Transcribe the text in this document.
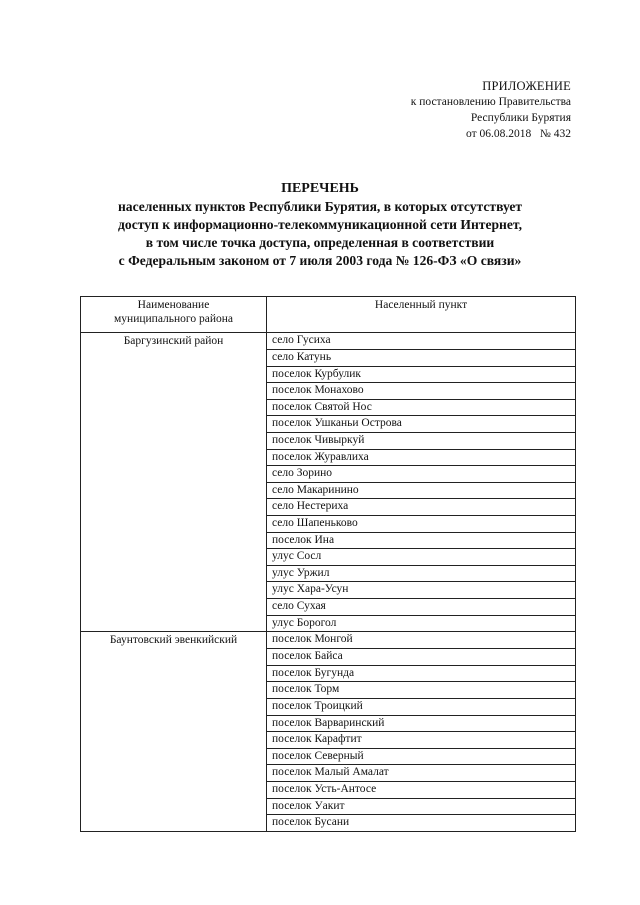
ПРИЛОЖЕНИЕ
к постановлению Правительства
Республики Бурятия
от 06.08.2018   № 432
ПЕРЕЧЕНЬ
населенных пунктов Республики Бурятия, в которых отсутствует
доступ к информационно-телекоммуникационной сети Интернет,
в том числе точка доступа, определенная в соответствии
с Федеральным законом от 7 июля 2003 года № 126-ФЗ «О связи»
Наименование
муниципального района	Населенный пункт
Баргузинский район	село Гусиха
	село Катунь
	поселок Курбулик
	поселок Монахово
	поселок Святой Нос
	поселок Ушканьи Острова
	поселок Чивыркуй
	поселок Журавлиха
	село Зорино
	село Макаринино
	село Нестериха
	село Шапеньково
	поселок Ина
	улус Сосл
	улус Уржил
	улус Хара-Усун
	село Сухая
	улус Борогол
Баунтовский эвенкийский	поселок Монгой
	поселок Байса
	поселок Бугунда
	поселок Торм
	поселок Троицкий
	поселок Варваринский
	поселок Карафтит
	поселок Северный
	поселок Малый Амалат
	поселок Усть-Антосе
	поселок Уакит
	поселок Бусани
